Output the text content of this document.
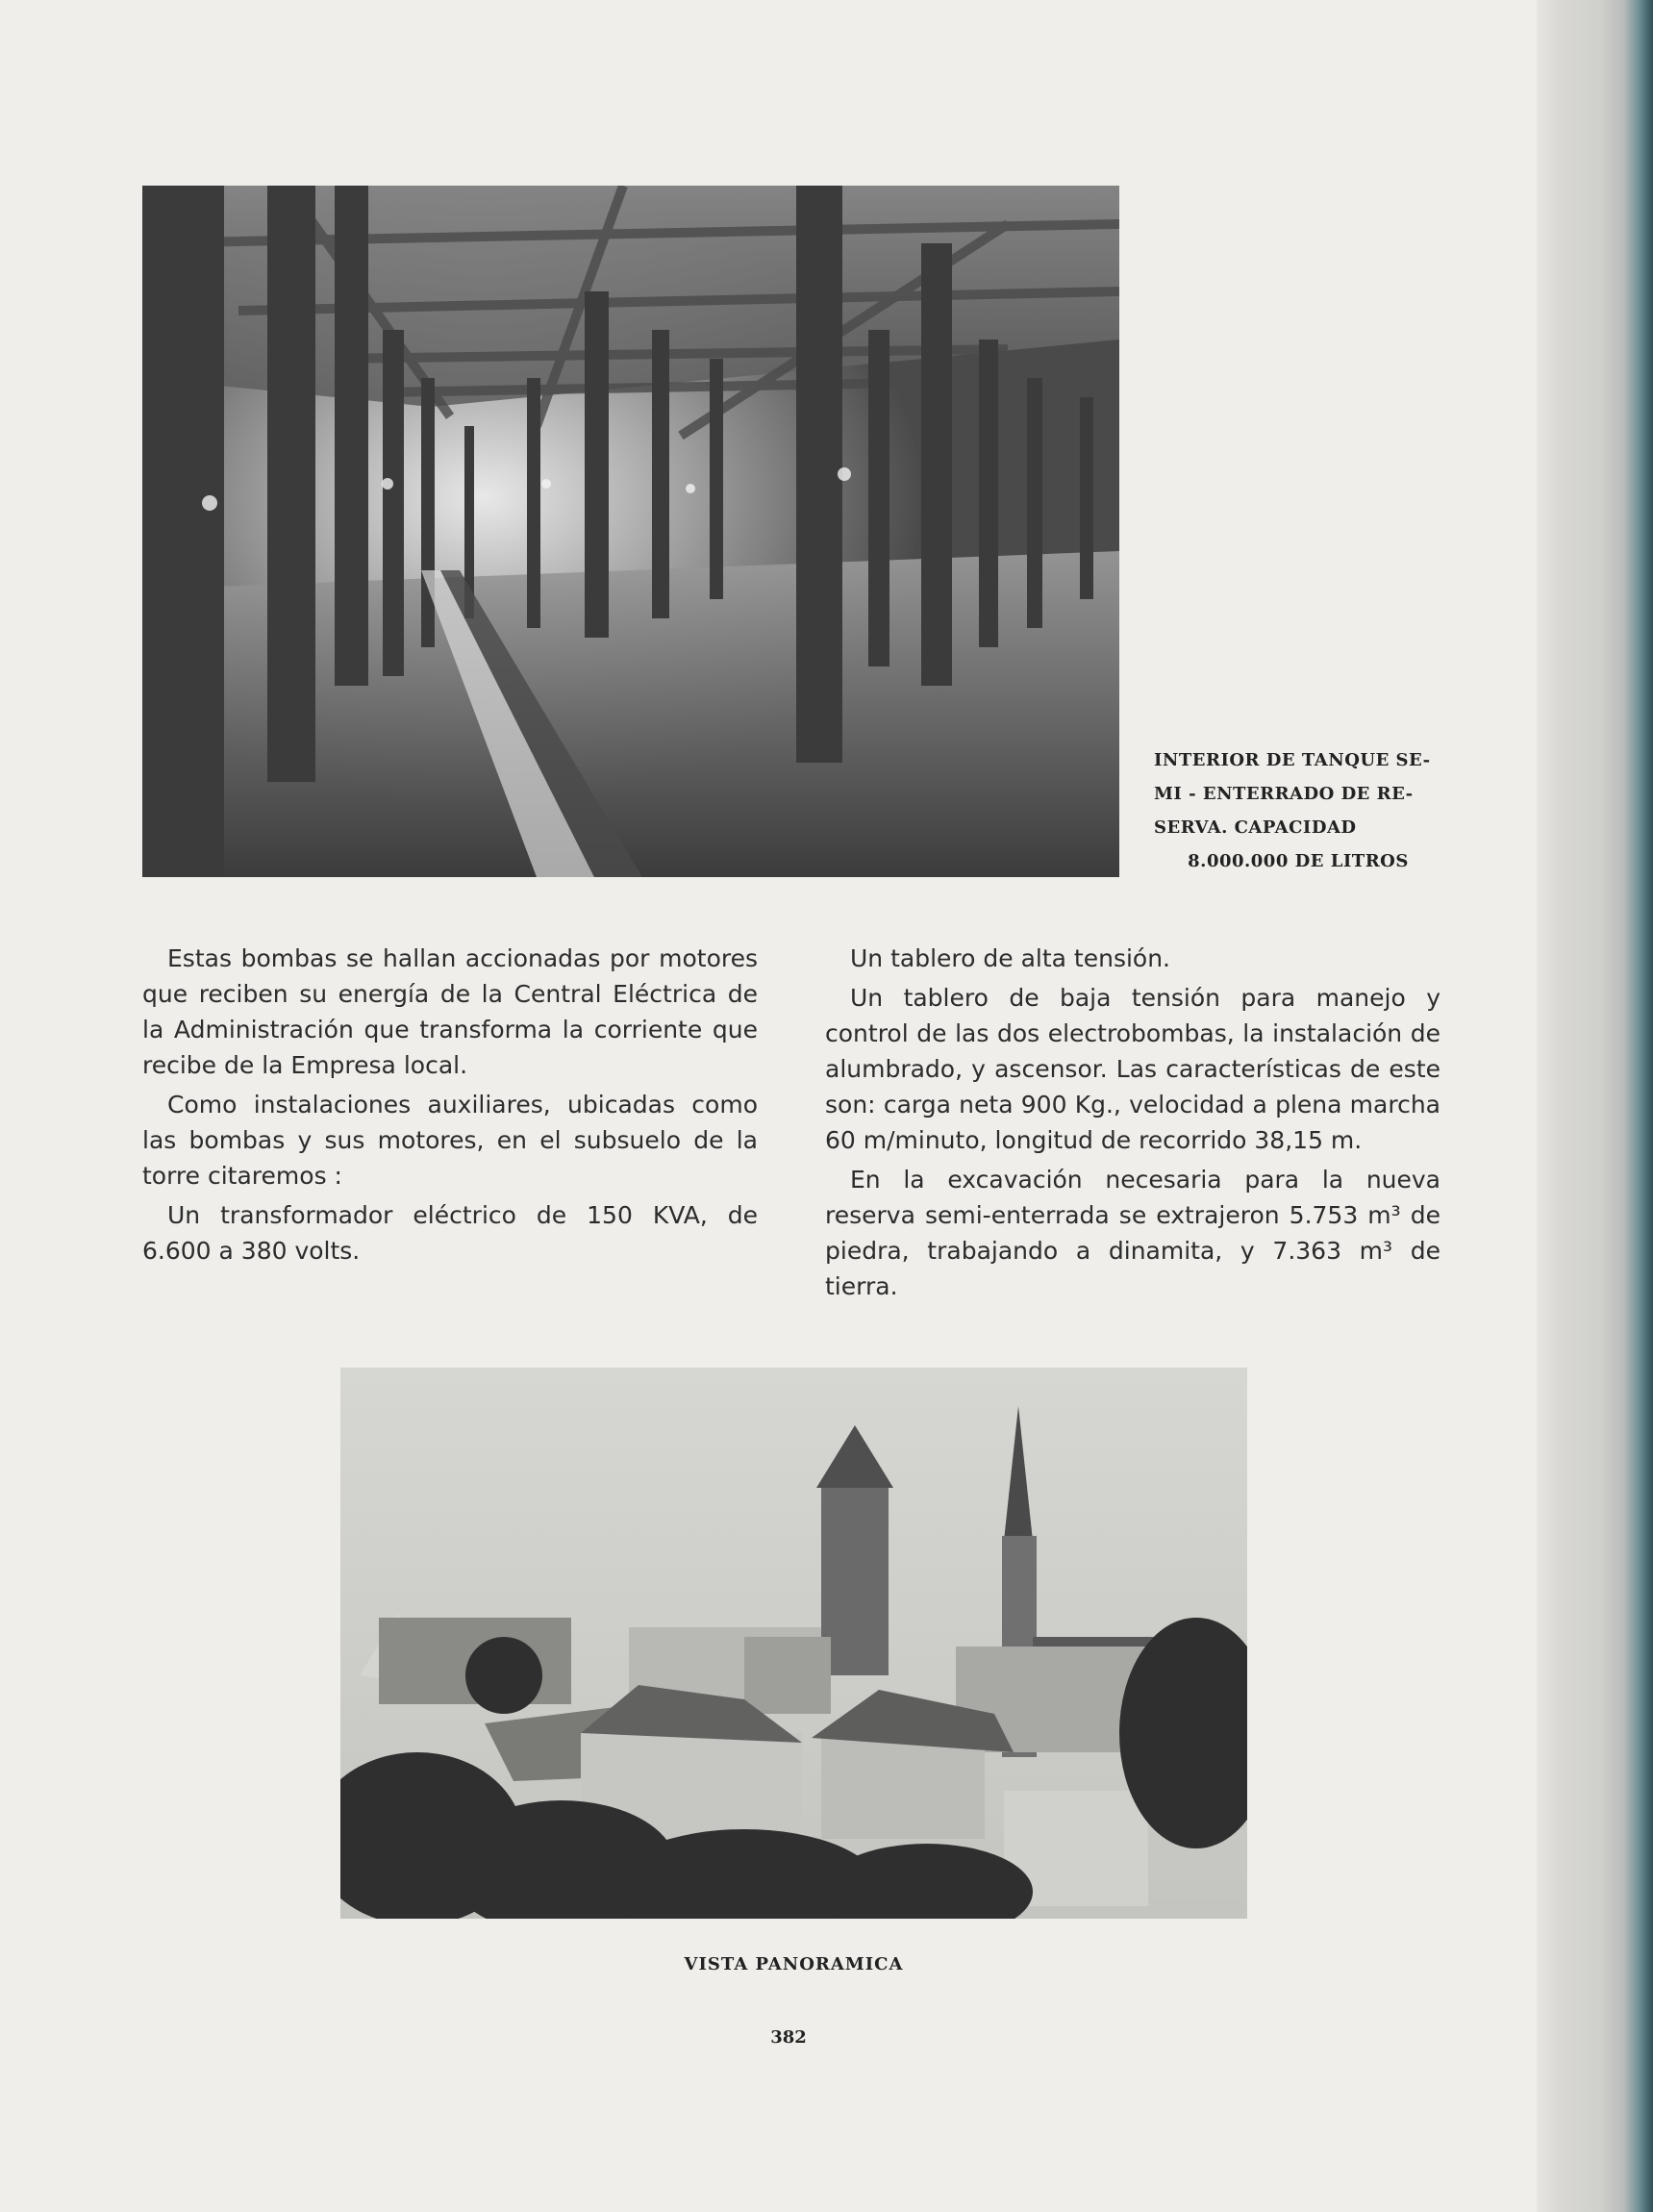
INTERIOR DE TANQUE SE-
MI - ENTERRADO DE RE-
SERVA. CAPACIDAD
8.000.000 DE LITROS

Estas bombas se hallan accionadas por motores que reciben su energía de la Central Eléctrica de la Administración que transforma la corriente que recibe de la Empresa local.

Como instalaciones auxiliares, ubicadas como las bombas y sus motores, en el subsuelo de la torre citaremos :

Un transformador eléctrico de 150 KVA, de 6.600 a 380 volts.

Un tablero de alta tensión.

Un tablero de baja tensión para manejo y control de las dos electrobombas, la instalación de alumbrado, y ascensor. Las características de este son: carga neta 900 Kg., velocidad a plena marcha 60 m/minuto, longitud de recorrido 38,15 m.

En la excavación necesaria para la nueva reserva semi-enterrada se extrajeron 5.753 m³ de piedra, trabajando a dinamita, y 7.363 m³ de tierra.

VISTA PANORAMICA
382
